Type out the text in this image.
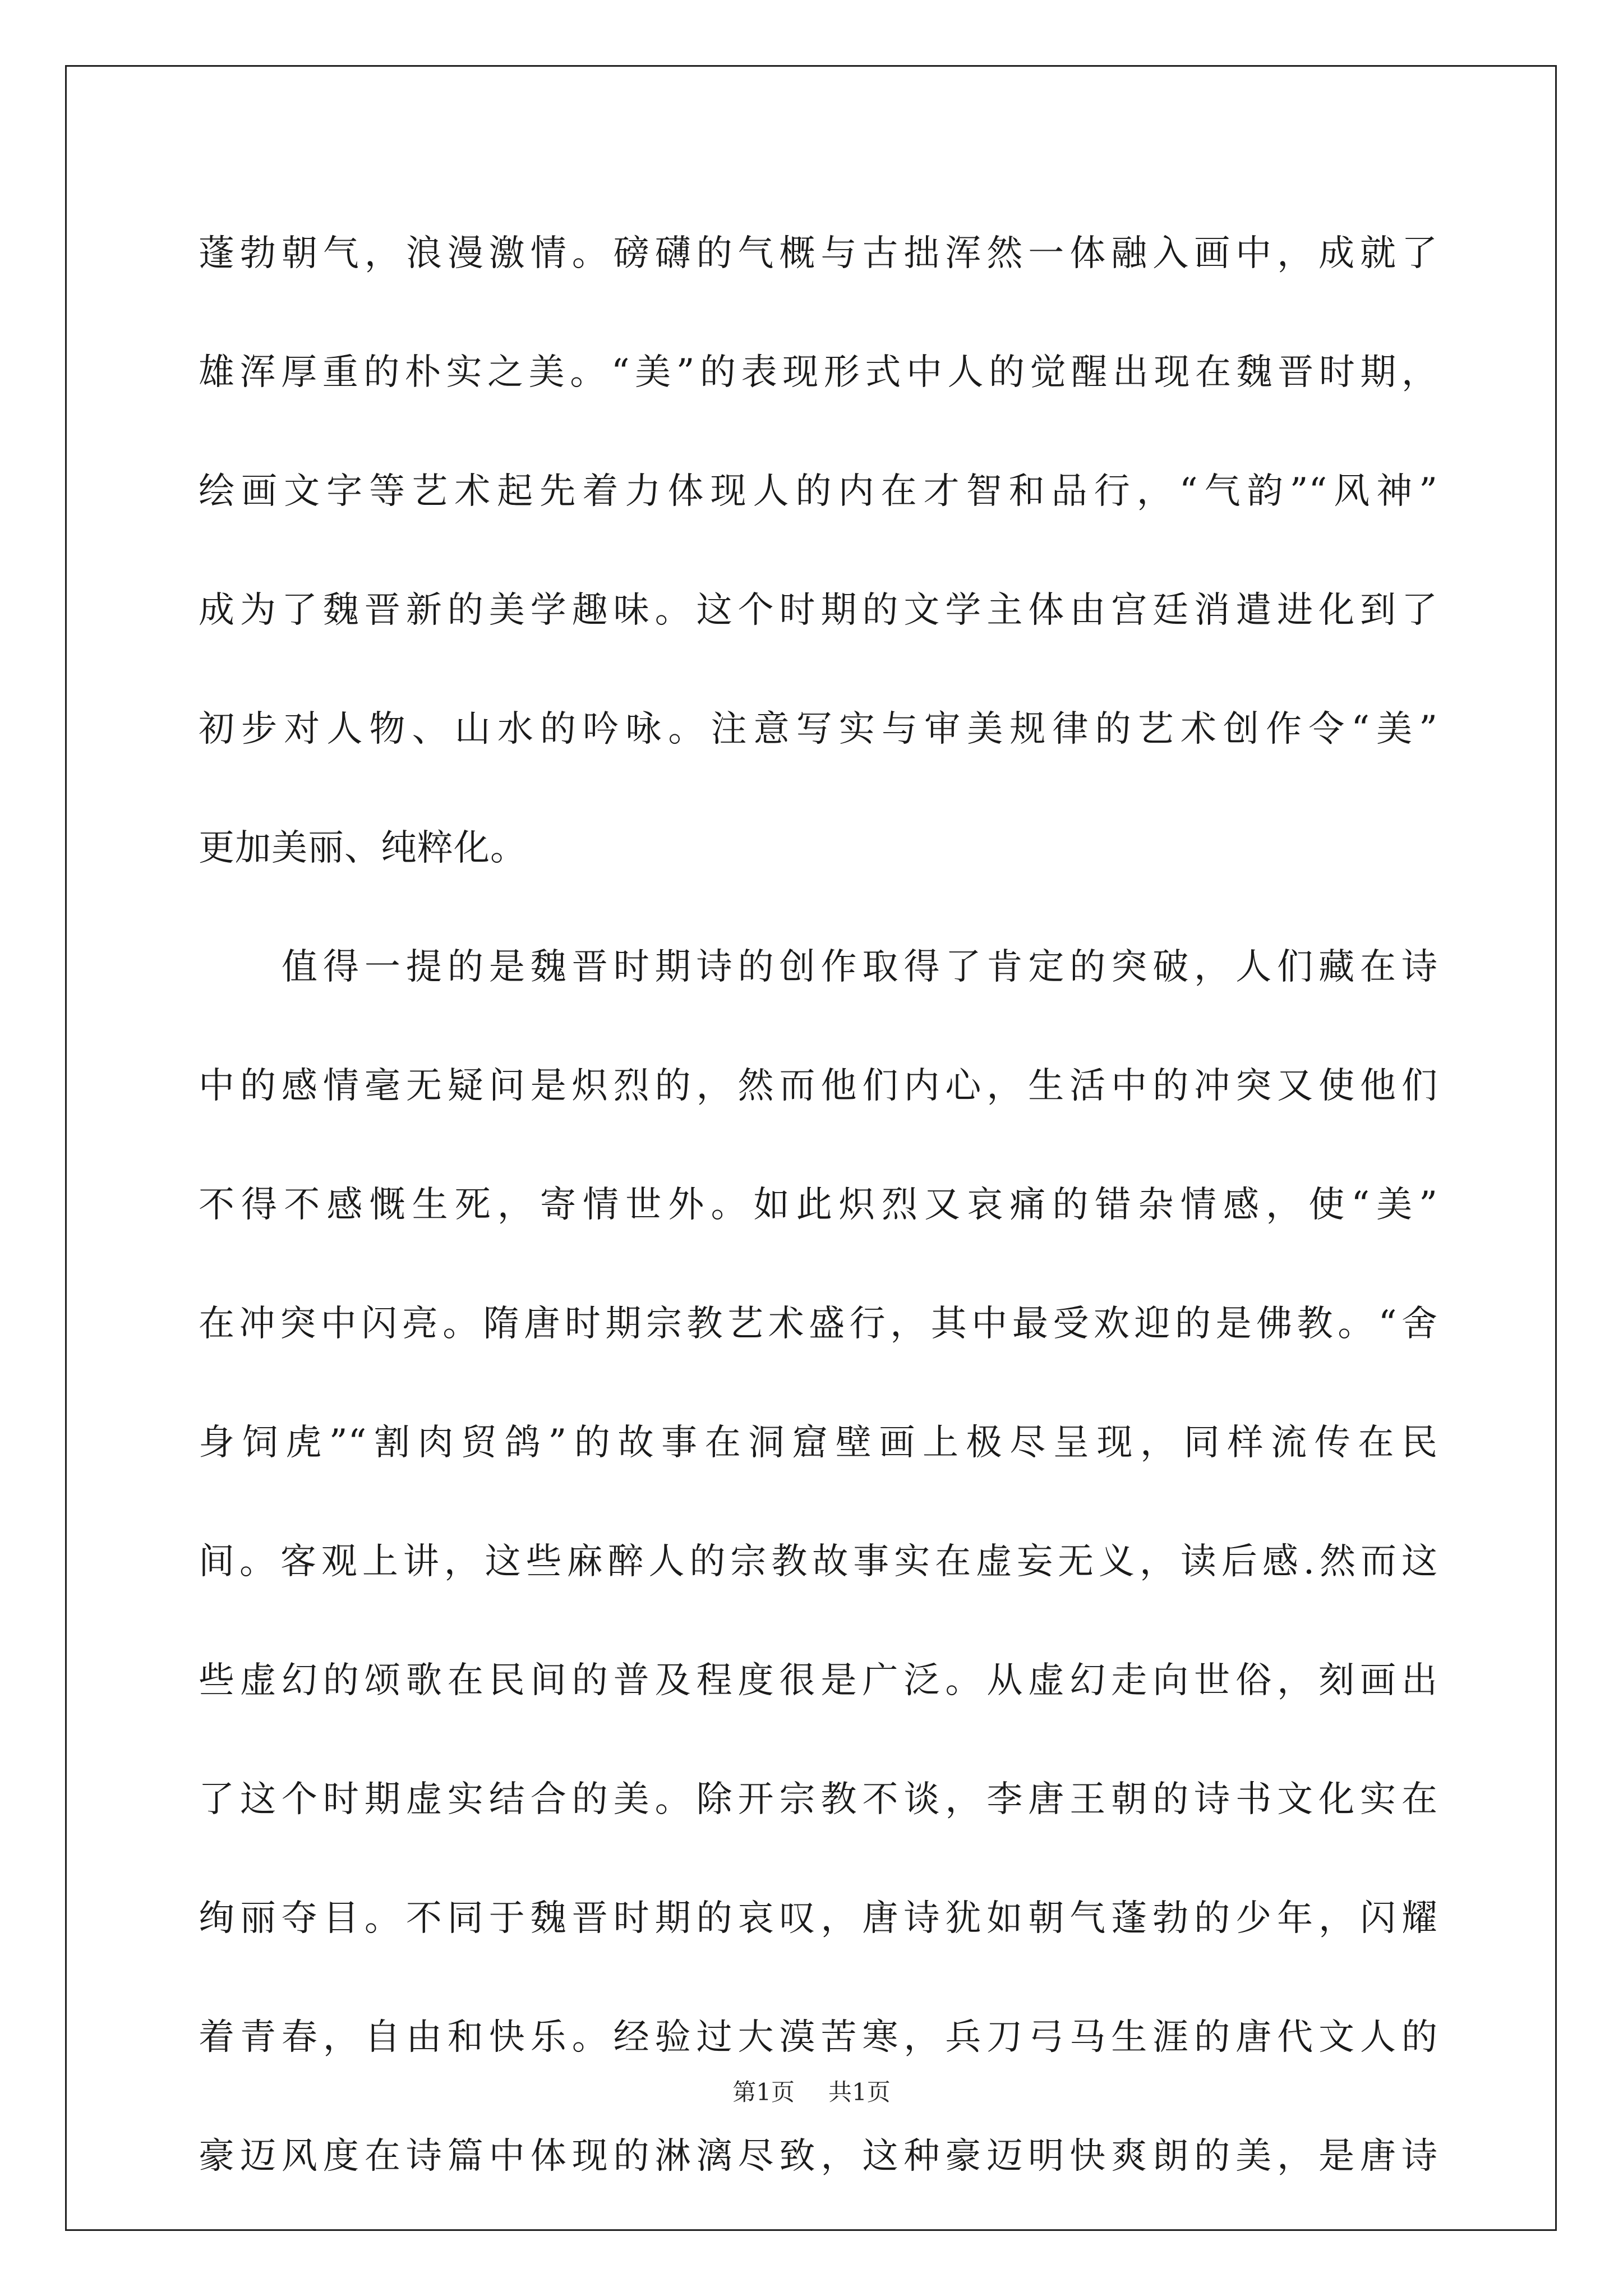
蓬勃朝气，浪漫激情。磅礴的气概与古拙浑然一体融入画中，成就了
雄浑厚重的朴实之美。“美”的表现形式中人的觉醒出现在魏晋时期，
绘画文字等艺术起先着力体现人的内在才智和品行，“气韵”“风神”
成为了魏晋新的美学趣味。这个时期的文学主体由宫廷消遣进化到了
初步对人物、山水的吟咏。注意写实与审美规律的艺术创作令“美”
更加美丽、纯粹化。
值得一提的是魏晋时期诗的创作取得了肯定的突破，人们藏在诗
中的感情毫无疑问是炽烈的，然而他们内心，生活中的冲突又使他们
不得不感慨生死，寄情世外。如此炽烈又哀痛的错杂情感，使“美”
在冲突中闪亮。隋唐时期宗教艺术盛行，其中最受欢迎的是佛教。“舍
身饲虎”“割肉贸鸽”的故事在洞窟壁画上极尽呈现，同样流传在民
间。客观上讲，这些麻醉人的宗教故事实在虚妄无义，读后感.然而这
些虚幻的颂歌在民间的普及程度很是广泛。从虚幻走向世俗，刻画出
了这个时期虚实结合的美。除开宗教不谈，李唐王朝的诗书文化实在
绚丽夺目。不同于魏晋时期的哀叹，唐诗犹如朝气蓬勃的少年，闪耀
着青春，自由和快乐。经验过大漠苦寒，兵刀弓马生涯的唐代文人的
豪迈风度在诗篇中体现的淋漓尽致，这种豪迈明快爽朗的美，是唐诗
第1页 共1页
